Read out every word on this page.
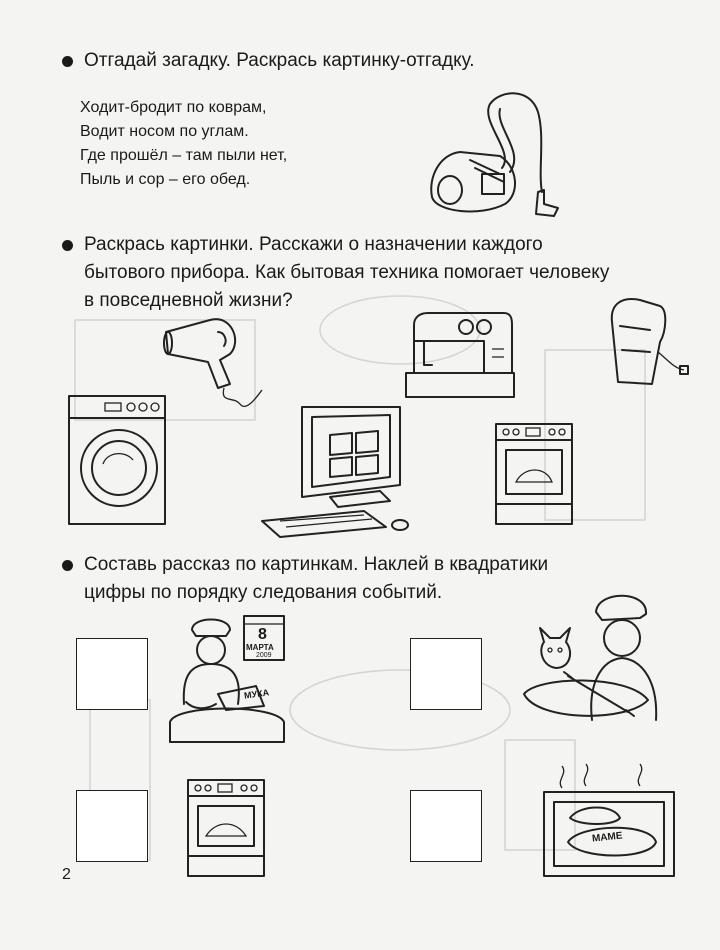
Отгадай загадку. Раскрась картинку-отгадку.
Ходит-бродит по коврам,
Водит носом по углам.
Где прошёл – там пыли нет,
Пыль и сор – его обед.
Раскрась картинки. Расскажи о назначении каждого
бытового прибора. Как бытовая техника помогает человеку
в повседневной жизни?
Составь рассказ по картинкам. Наклей в квадратики
цифры по порядку следования событий.
8
МАРТА
2009
МУКА
МАМЕ
2
